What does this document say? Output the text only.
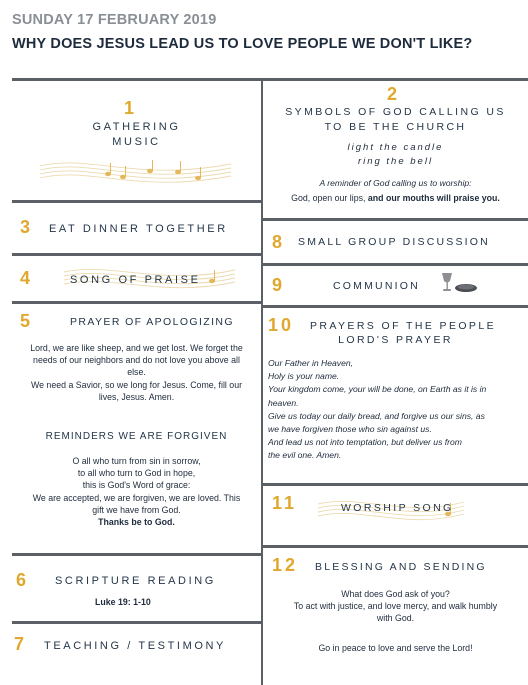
SUNDAY 17 FEBRUARY 2019
WHY DOES JESUS LEAD US TO LOVE PEOPLE WE DON'T LIKE?
1
GATHERING
MUSIC
2
SYMBOLS OF GOD CALLING US
TO BE THE CHURCH
light the candle
ring the bell
A reminder of God calling us to worship:
God, open our lips, and our mouths will praise you.
3 EAT DINNER TOGETHER
4	SONG OF PRAISE
5	PRAYER OF APOLOGIZING
Lord, we are like sheep, and we get lost. We forget the
needs of our neighbors and do not love you above all
else.
We need a Savior, so we long for Jesus. Come, fill our
lives, Jesus. Amen.
REMINDERS WE ARE FORGIVEN
O all who turn from sin in sorrow,
to all who turn to God in hope,
this is God's Word of grace:
We are accepted, we are forgiven, we are loved. This
gift we have from God.
Thanks be to God.
6 SCRIPTURE READING
Luke 19: 1-10
7 TEACHING / TESTIMONY
8 SMALL GROUP DISCUSSION
9	COMMUNION
10 PRAYERS OF THE PEOPLE
LORD'S PRAYER
Our Father in Heaven,
Holy is your name.
Your kingdom come, your will be done, on Earth as it is in
heaven.
Give us today our daily bread, and forgive us our sins, as
we have forgiven those who sin against us.
And lead us not into temptation, but deliver us from
the evil one. Amen.
11	WORSHIP SONG
12 BLESSING AND SENDING
What does God ask of you?
To act with justice, and love mercy, and walk humbly
with God.
Go in peace to love and serve the Lord!
